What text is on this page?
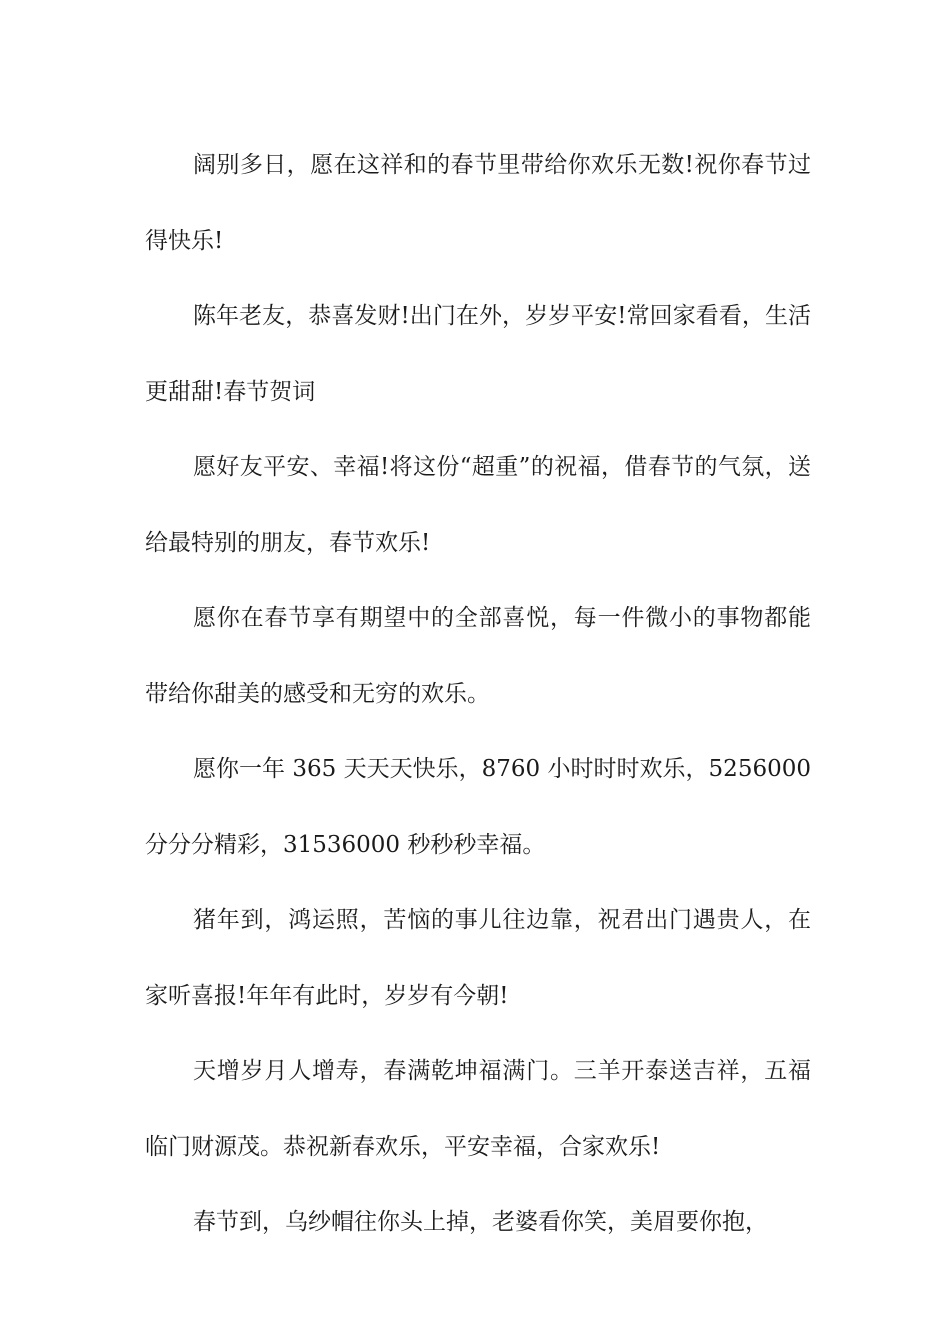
阔别多日，愿在这祥和的春节里带给你欢乐无数!祝你春节过得快乐!

陈年老友，恭喜发财!出门在外，岁岁平安!常回家看看，生活更甜甜!春节贺词

愿好友平安、幸福!将这份“超重”的祝福，借春节的气氛，送给最特别的朋友，春节欢乐!

愿你在春节享有期望中的全部喜悦，每一件微小的事物都能带给你甜美的感受和无穷的欢乐。

愿你一年 365 天天天快乐，8760 小时时时欢乐，5256000分分分精彩，31536000 秒秒秒幸福。

猪年到，鸿运照，苦恼的事儿往边靠，祝君出门遇贵人，在家听喜报!年年有此时，岁岁有今朝!

天增岁月人增寿，春满乾坤福满门。三羊开泰送吉祥，五福临门财源茂。恭祝新春欢乐，平安幸福，合家欢乐!

春节到，乌纱帽往你头上掉，老婆看你笑，美眉要你抱，
